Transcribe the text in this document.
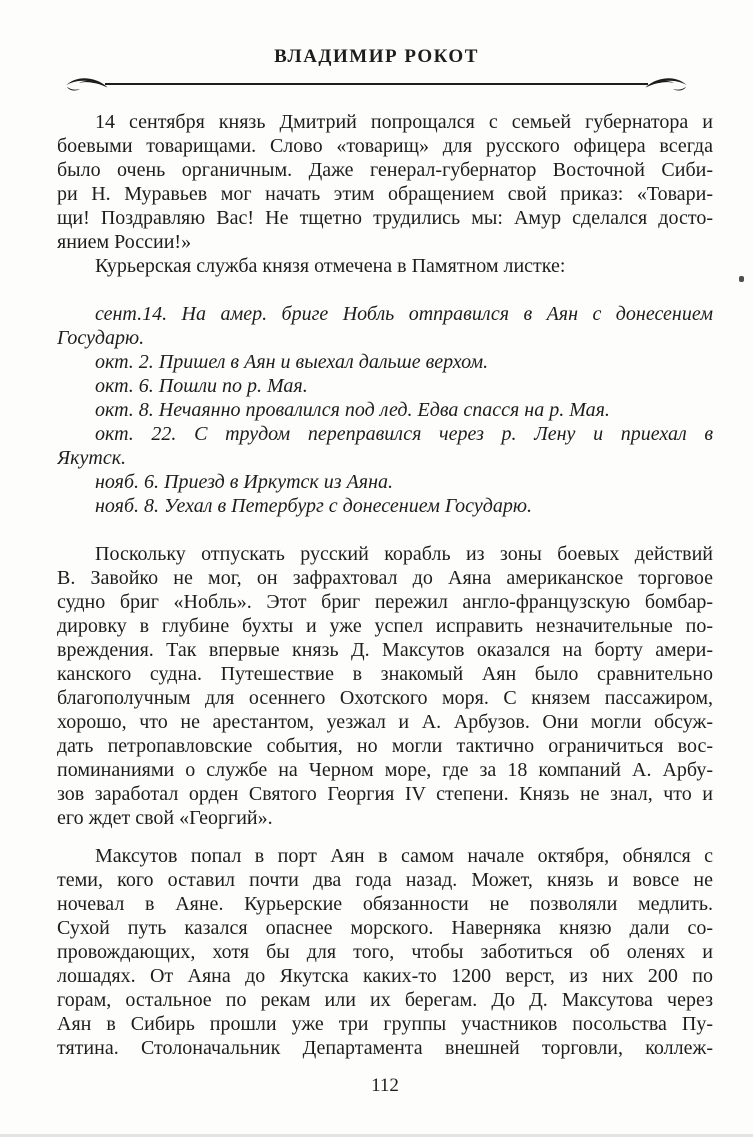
ВЛАДИМИР РОКОТ
14 сентября князь Дмитрий попрощался с семьей губернатора и
боевыми товарищами. Слово «товарищ» для русского офицера всегда
было очень органичным. Даже генерал-губернатор Восточной Сиби-
ри Н. Муравьев мог начать этим обращением свой приказ: «Товари-
щи! Поздравляю Вас! Не тщетно трудились мы: Амур сделался досто-
янием России!»
Курьерская служба князя отмечена в Памятном листке:
сент.14. На амер. бриге Нобль отправился в Аян с донесением
Государю.
окт. 2. Пришел в Аян и выехал дальше верхом.
окт. 6. Пошли по р. Мая.
окт. 8. Нечаянно провалился под лед. Едва спасся на р. Мая.
окт. 22. С трудом переправился через р. Лену и приехал в
Якутск.
нояб. 6. Приезд в Иркутск из Аяна.
нояб. 8. Уехал в Петербург с донесением Государю.
Поскольку отпускать русский корабль из зоны боевых действий
В. Завойко не мог, он зафрахтовал до Аяна американское торговое
судно бриг «Нобль». Этот бриг пережил англо-французскую бомбар-
дировку в глубине бухты и уже успел исправить незначительные по-
вреждения. Так впервые князь Д. Максутов оказался на борту амери-
канского судна. Путешествие в знакомый Аян было сравнительно
благополучным для осеннего Охотского моря. С князем пассажиром,
хорошо, что не арестантом, уезжал и А. Арбузов. Они могли обсуж-
дать петропавловские события, но могли тактично ограничиться вос-
поминаниями о службе на Черном море, где за 18 компаний А. Арбу-
зов заработал орден Святого Георгия IV степени. Князь не знал, что и
его ждет свой «Георгий».
Максутов попал в порт Аян в самом начале октября, обнялся с
теми, кого оставил почти два года назад. Может, князь и вовсе не
ночевал в Аяне. Курьерские обязанности не позволяли медлить.
Сухой путь казался опаснее морского. Наверняка князю дали со-
провождающих, хотя бы для того, чтобы заботиться об оленях и
лошадях. От Аяна до Якутска каких-то 1200 верст, из них 200 по
горам, остальное по рекам или их берегам. До Д. Максутова через
Аян в Сибирь прошли уже три группы участников посольства Пу-
тятина. Столоначальник Департамента внешней торговли, коллеж-
112
